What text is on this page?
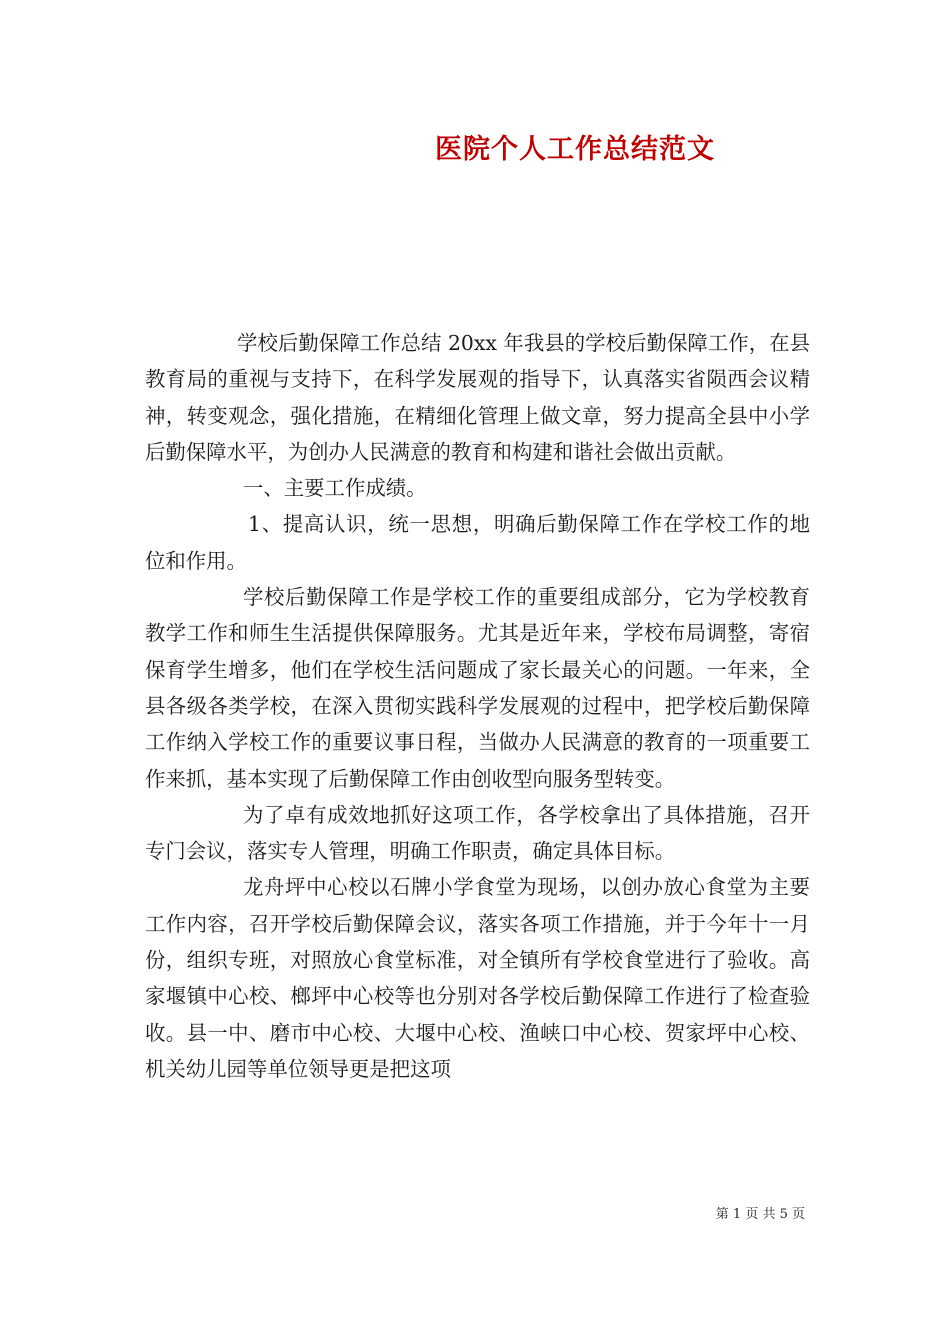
医院个人工作总结范文

学校后勤保障工作总结 20xx 年我县的学校后勤保障工作，在县教育局的重视与支持下，在科学发展观的指导下，认真落实省陨西会议精神，转变观念，强化措施，在精细化管理上做文章，努力提高全县中小学后勤保障水平，为创办人民满意的教育和构建和谐社会做出贡献。

一、主要工作成绩。

1、提高认识，统一思想，明确后勤保障工作在学校工作的地位和作用。

学校后勤保障工作是学校工作的重要组成部分，它为学校教育教学工作和师生生活提供保障服务。尤其是近年来，学校布局调整，寄宿保育学生增多，他们在学校生活问题成了家长最关心的问题。一年来，全县各级各类学校，在深入贯彻实践科学发展观的过程中，把学校后勤保障工作纳入学校工作的重要议事日程，当做办人民满意的教育的一项重要工作来抓，基本实现了后勤保障工作由创收型向服务型转变。

为了卓有成效地抓好这项工作，各学校拿出了具体措施，召开专门会议，落实专人管理，明确工作职责，确定具体目标。

龙舟坪中心校以石牌小学食堂为现场，以创办放心食堂为主要工作内容，召开学校后勤保障会议，落实各项工作措施，并于今年十一月份，组织专班，对照放心食堂标准，对全镇所有学校食堂进行了验收。高家堰镇中心校、榔坪中心校等也分别对各学校后勤保障工作进行了检查验收。县一中、磨市中心校、大堰中心校、渔峡口中心校、贺家坪中心校、机关幼儿园等单位领导更是把这项

第 1 页 共 5 页
